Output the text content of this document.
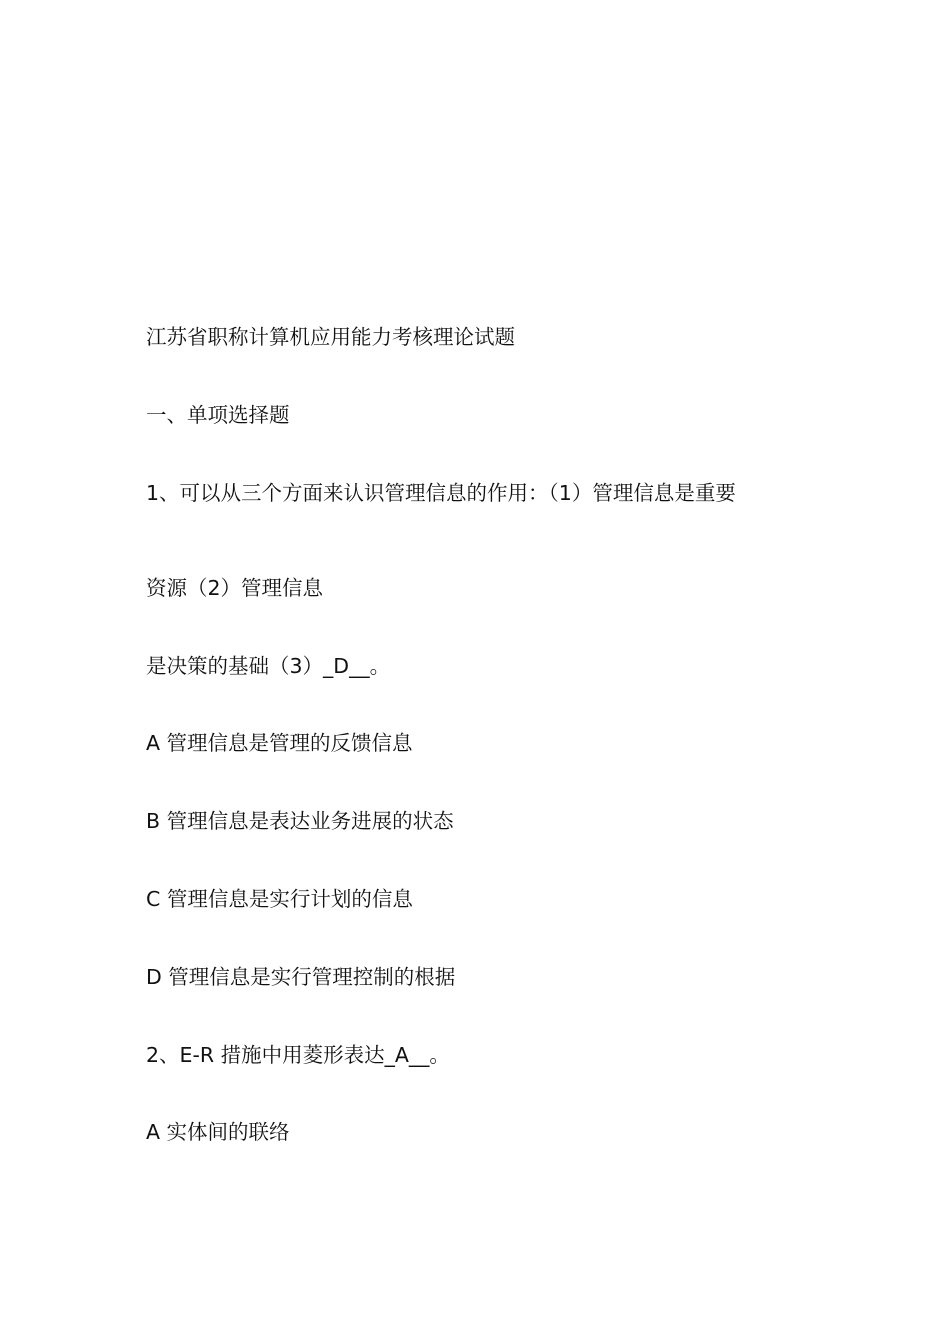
江苏省职称计算机应用能力考核理论试题
一、单项选择题
1、可以从三个方面来认识管理信息的作用：（1）管理信息是重要
资源（2）管理信息
是决策的基础（3）_D__。
A 管理信息是管理的反馈信息
B 管理信息是表达业务进展的状态
C 管理信息是实行计划的信息
D 管理信息是实行管理控制的根据
2、E-R 措施中用菱形表达_A__。
A 实体间的联络
